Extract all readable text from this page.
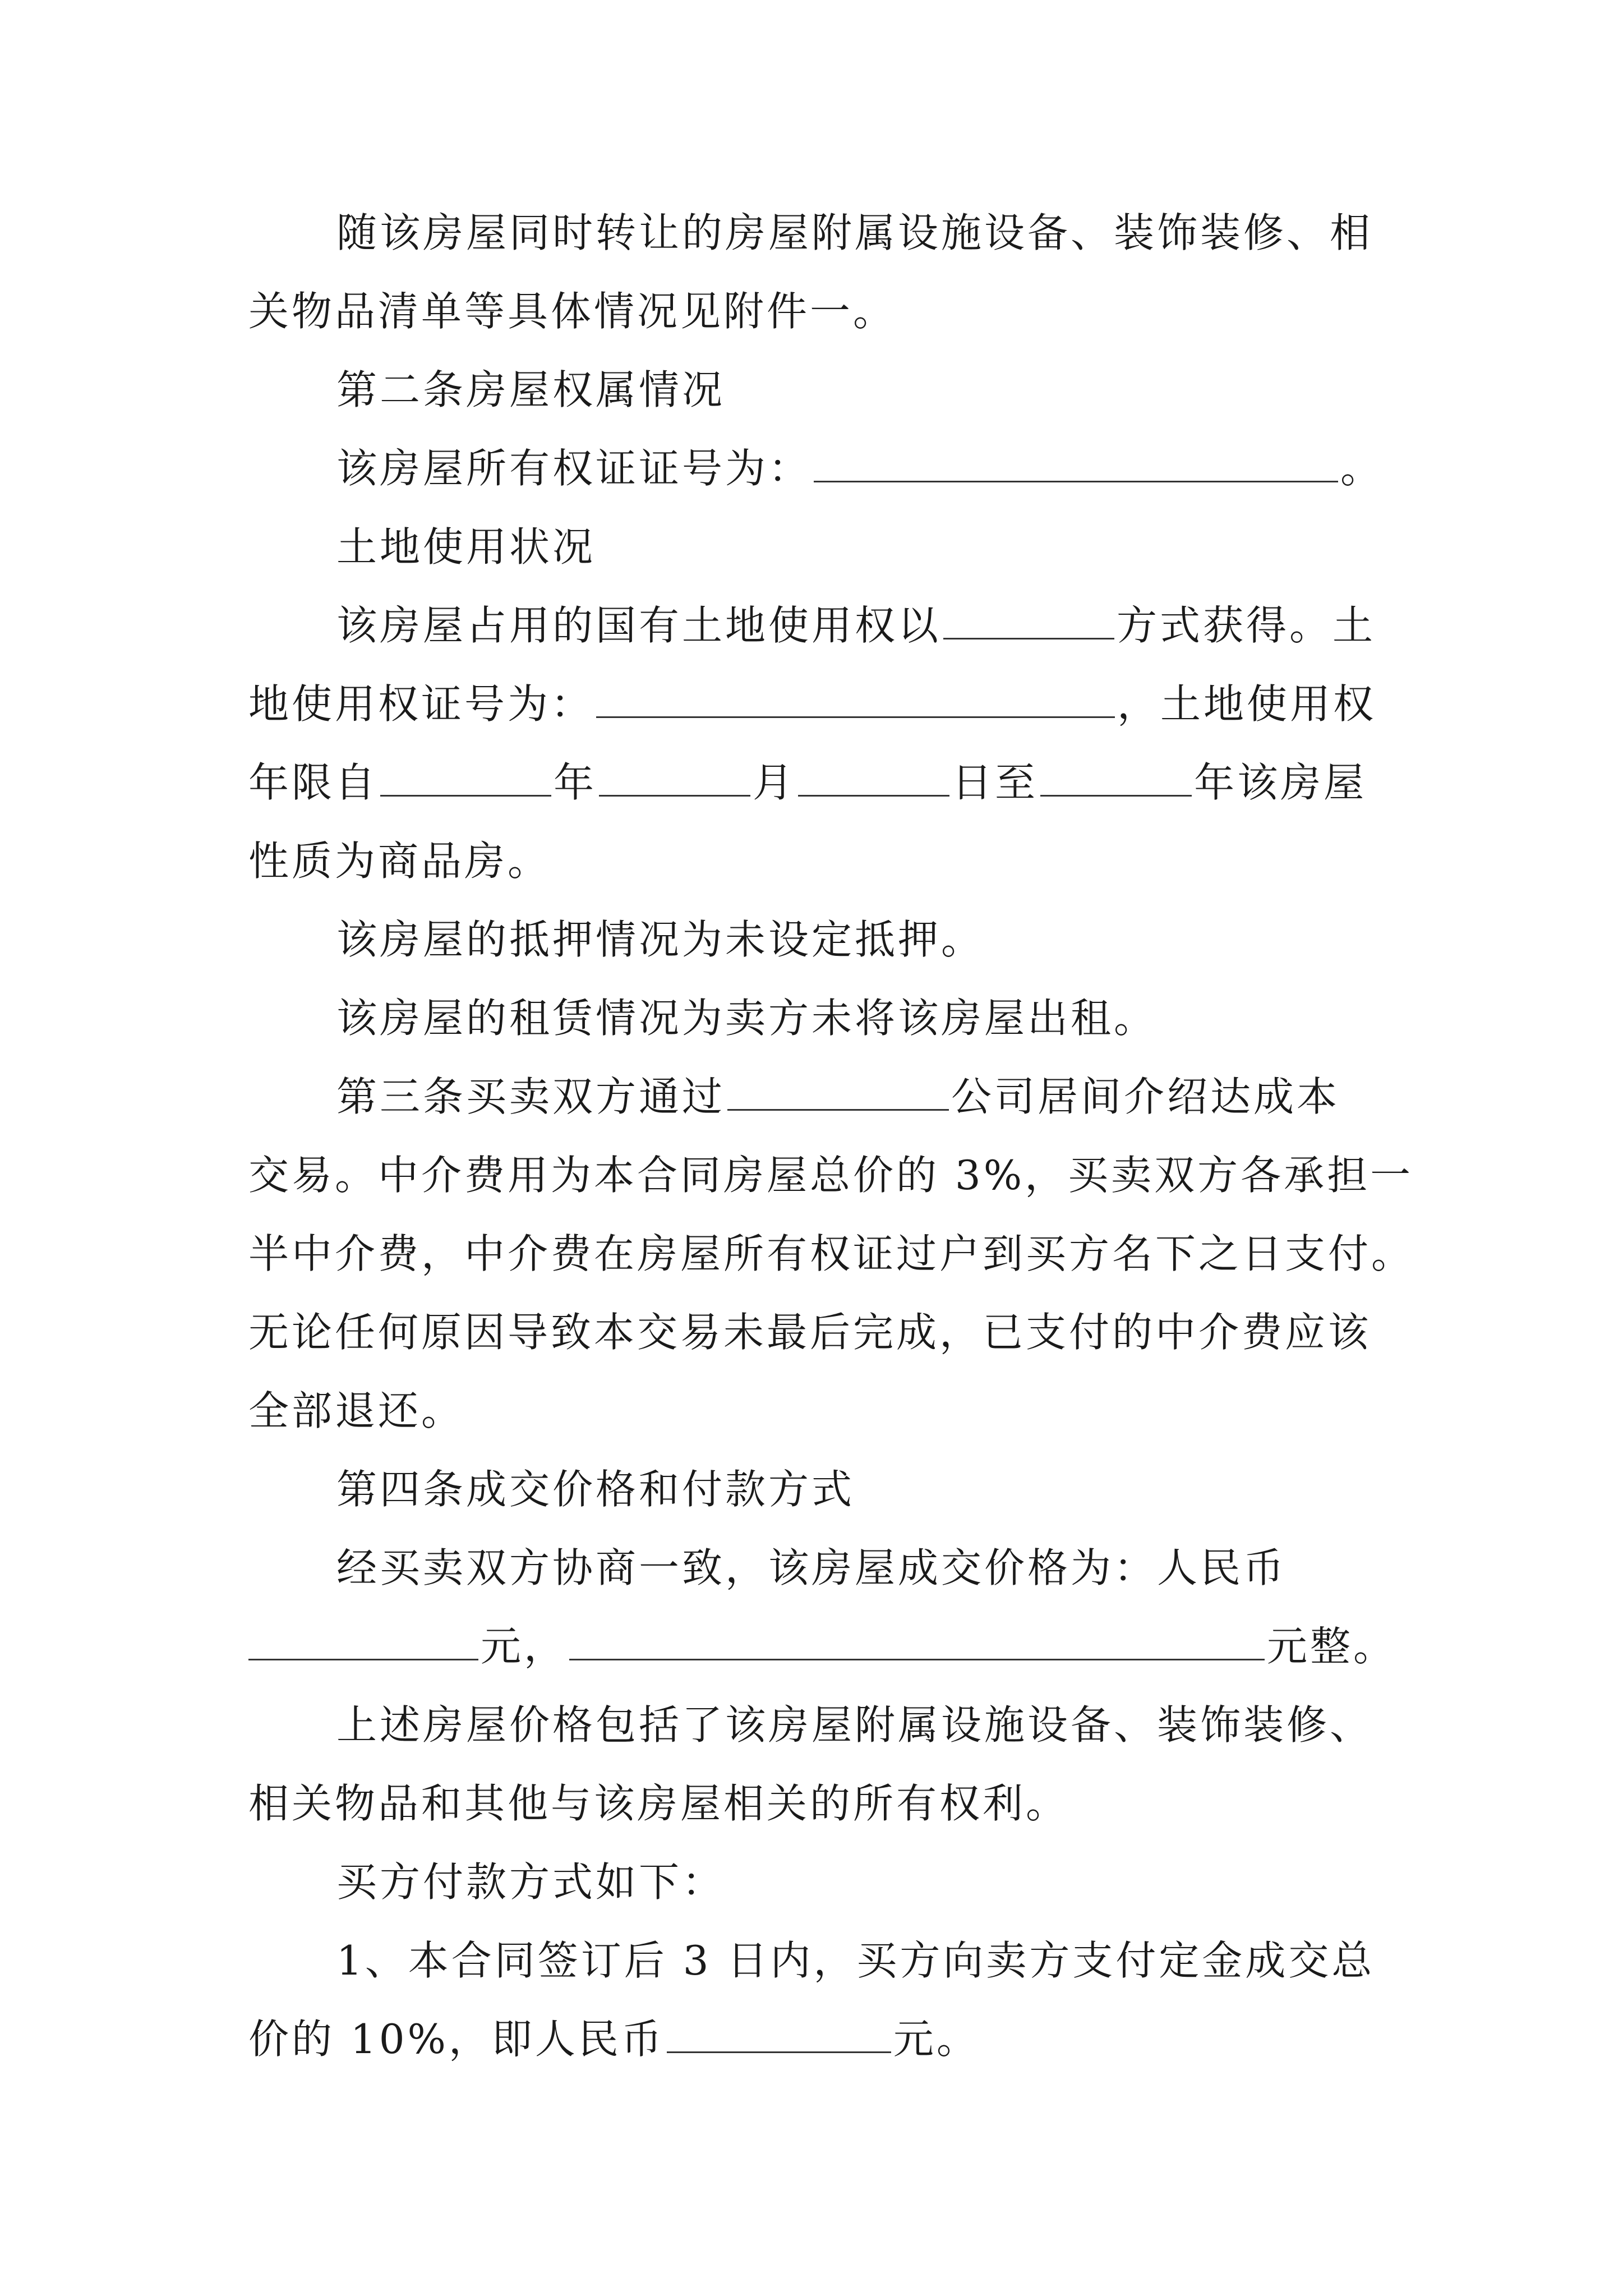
随该房屋同时转让的房屋附属设施设备、装饰装修、相
关物品清单等具体情况见附件一。
第二条房屋权属情况
该房屋所有权证证号为：	。
土地使用状况
该房屋占用的国有土地使用权以	方式获得。土
地使用权证号为：	，土地使用权
年限自	年	月	日至	年该房屋
性质为商品房。
该房屋的抵押情况为未设定抵押。
该房屋的租赁情况为卖方未将该房屋出租。
第三条买卖双方通过	公司居间介绍达成本
交易。中介费用为本合同房屋总价的 3%，买卖双方各承担一
半中介费，中介费在房屋所有权证过户到买方名下之日支付。
无论任何原因导致本交易未最后完成，已支付的中介费应该
全部退还。
第四条成交价格和付款方式
经买卖双方协商一致，该房屋成交价格为：人民币
元，	元整。
上述房屋价格包括了该房屋附属设施设备、装饰装修、
相关物品和其他与该房屋相关的所有权利。
买方付款方式如下：
1、本合同签订后 3 日内，买方向卖方支付定金成交总
价的 10%，即人民币	元。
